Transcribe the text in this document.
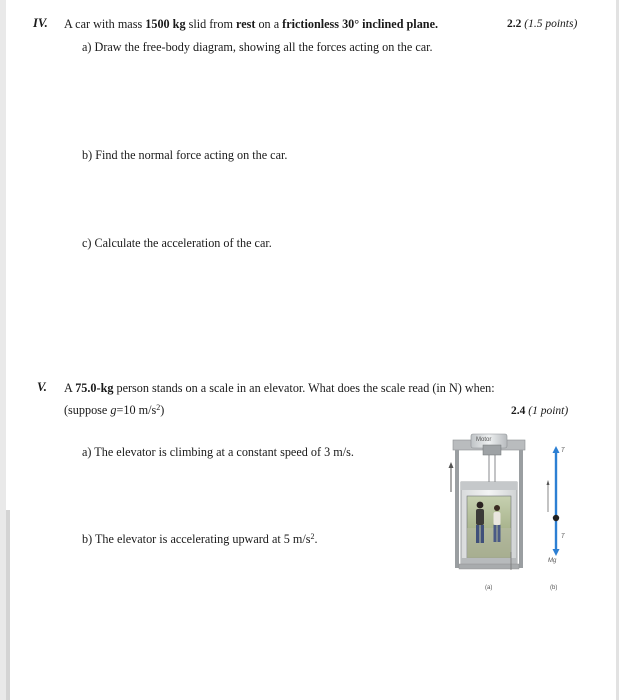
IV. A car with mass 1500 kg slid from rest on a frictionless 30° inclined plane.	2.2 (1.5 points)
a) Draw the free-body diagram, showing all the forces acting on the car.
b) Find the normal force acting on the car.
c) Calculate the acceleration of the car.
V. A 75.0-kg person stands on a scale in an elevator. What does the scale read (in N) when:
(suppose g=10 $m/s^2$)	2.4 (1 point)
a) The elevator is climbing at a constant speed of 3 m/s.
b) The elevator is accelerating upward at 5 $m/s^2$.
Motor
T
T
Mg
(a)	(b)
